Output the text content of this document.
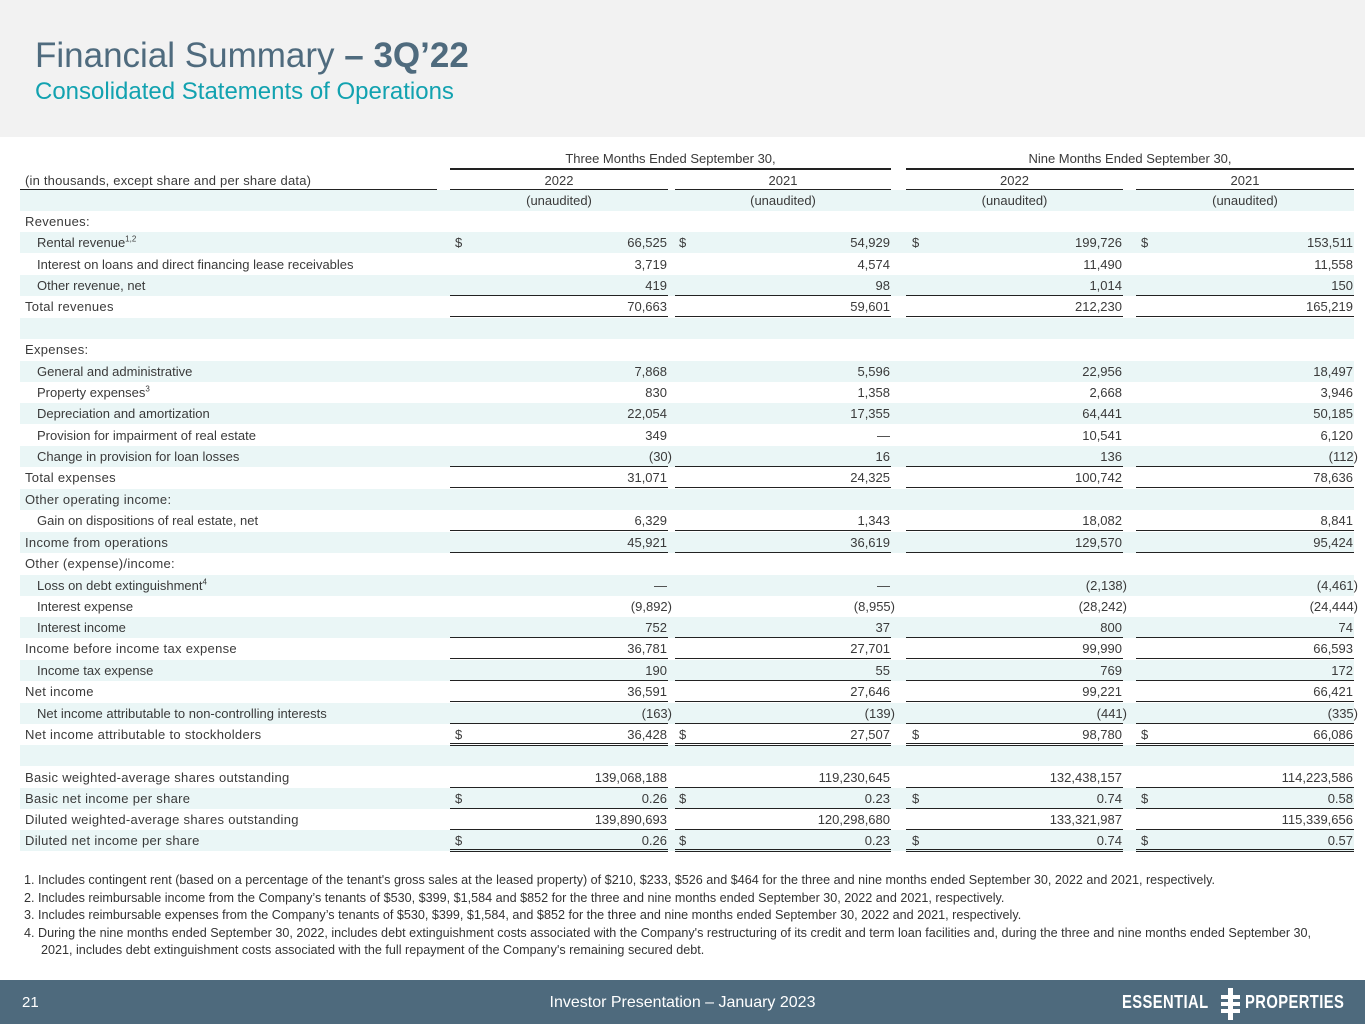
Financial Summary – 3Q’22
Consolidated Statements of Operations
Three Months Ended September 30,	Nine Months Ended September 30,
(in thousands, except share and per share data)	2022	2021	2022	2021
(unaudited)	(unaudited)	(unaudited)	(unaudited)
Revenues:
Rental revenue$^{1,2}$	$	66,525 $	54,929 $	199,726 $	153,511
Interest on loans and direct financing lease receivables	3,719	4,574	11,490	11,558
Other revenue, net	419	98	1,014	150
Total revenues	70,663	59,601	212,230	165,219
Expenses:
General and administrative	7,868	5,596	22,956	18,497
Property expenses$^3$	830	1,358	2,668	3,946
Depreciation and amortization	22,054	17,355	64,441	50,185
Provision for impairment of real estate	349	—	10,541	6,120
Change in provision for loan losses	(30)	16	136	(112)
Total expenses	31,071	24,325	100,742	78,636
Other operating income:
Gain on dispositions of real estate, net	6,329	1,343	18,082	8,841
Income from operations	45,921	36,619	129,570	95,424
Other (expense)/income:
Loss on debt extinguishment$^4$	—	—	(2,138)	(4,461)
Interest expense	(9,892)	(8,955)	(28,242)	(24,444)
Interest income	752	37	800	74
Income before income tax expense	36,781	27,701	99,990	66,593
Income tax expense	190	55	769	172
Net income	36,591	27,646	99,221	66,421
Net income attributable to non-controlling interests	(163)	(139)	(441)	(335)
Net income attributable to stockholders	$	36,428 $	27,507 $	98,780 $	66,086
Basic weighted-average shares outstanding	139,068,188	119,230,645	132,438,157	114,223,586
Basic net income per share	$	0.26 $	0.23 $	0.74 $	0.58
Diluted weighted-average shares outstanding	139,890,693	120,298,680	133,321,987	115,339,656
Diluted net income per share	$	0.26 $	0.23 $	0.74 $	0.57

1. Includes contingent rent (based on a percentage of the tenant's gross sales at the leased property) of $210, $233, $526 and $464 for the three and nine months ended September 30, 2022 and 2021, respectively.

2. Includes reimbursable income from the Company’s tenants of $530, $399, $1,584 and $852 for the three and nine months ended September 30, 2022 and 2021, respectively.

3. Includes reimbursable expenses from the Company’s tenants of $530, $399, $1,584, and $852 for the three and nine months ended September 30, 2022 and 2021, respectively.

4. During the nine months ended September 30, 2022, includes debt extinguishment costs associated with the Company's restructuring of its credit and term loan facilities and, during the three and nine months ended September 30, 2021, includes debt extinguishment costs associated with the full repayment of the Company's remaining secured debt.

21	Investor Presentation – January 2023	ESSENTIAL PROPERTIES
